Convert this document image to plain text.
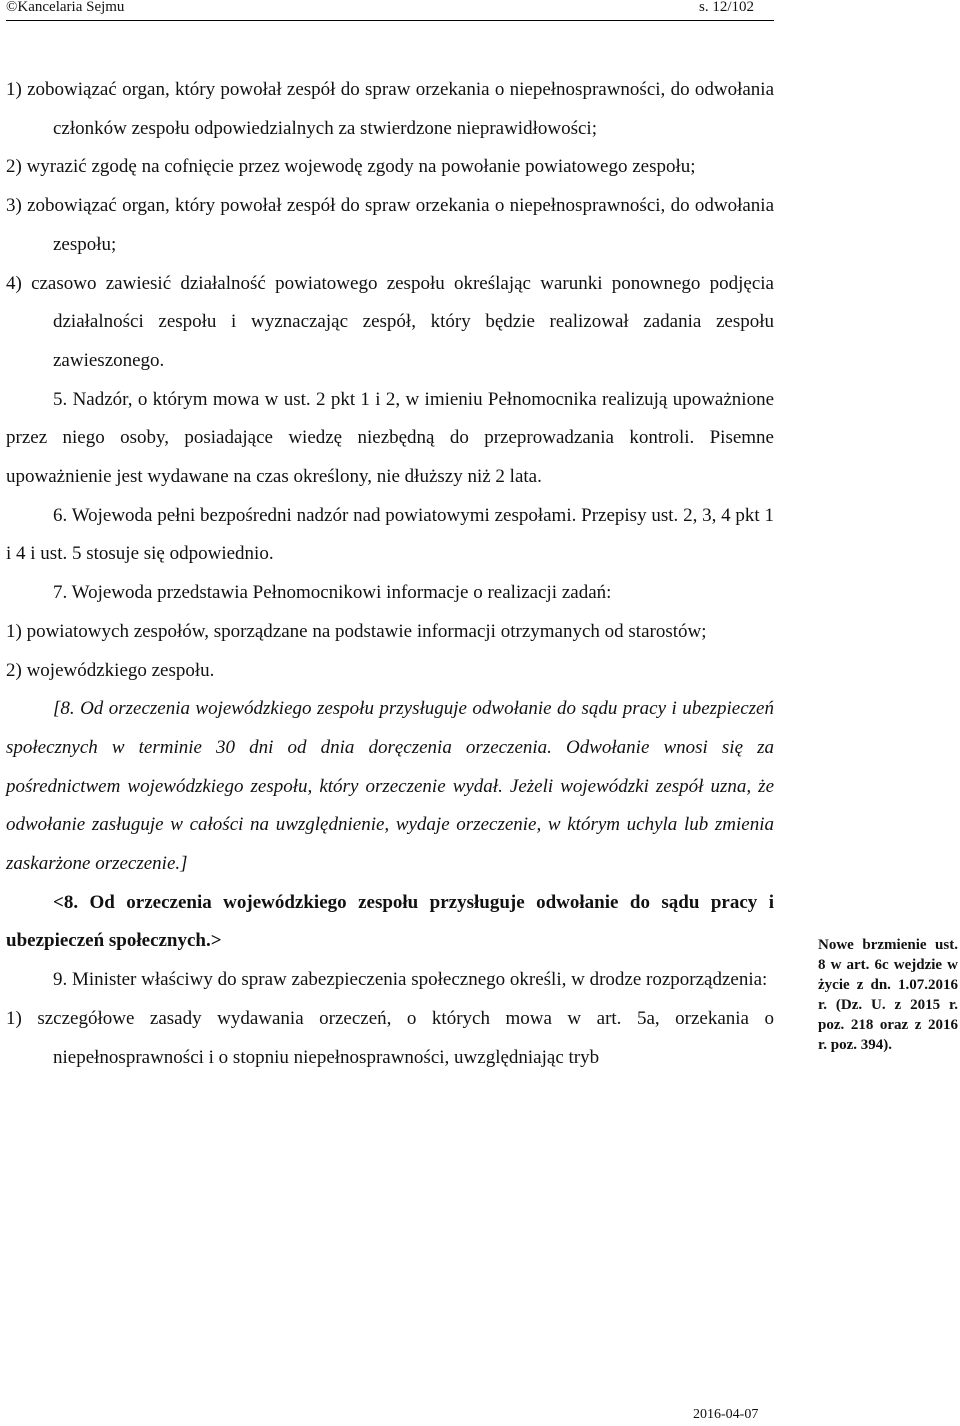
©Kancelaria Sejmu	s. 12/102

1) zobowiązać organ, który powołał zespół do spraw orzekania o niepełnosprawności, do odwołania członków zespołu odpowiedzialnych za stwierdzone nieprawidłowości;

2) wyrazić zgodę na cofnięcie przez wojewodę zgody na powołanie powiatowego zespołu;

3) zobowiązać organ, który powołał zespół do spraw orzekania o niepełnosprawności, do odwołania zespołu;

4) czasowo zawiesić działalność powiatowego zespołu określając warunki ponownego podjęcia działalności zespołu i wyznaczając zespół, który będzie realizował zadania zespołu zawieszonego.

5. Nadzór, o którym mowa w ust. 2 pkt 1 i 2, w imieniu Pełnomocnika realizują upoważnione przez niego osoby, posiadające wiedzę niezbędną do przeprowadzania kontroli. Pisemne upoważnienie jest wydawane na czas określony, nie dłuższy niż 2 lata.

6. Wojewoda pełni bezpośredni nadzór nad powiatowymi zespołami. Przepisy ust. 2, 3, 4 pkt 1 i 4 i ust. 5 stosuje się odpowiednio.

7. Wojewoda przedstawia Pełnomocnikowi informacje o realizacji zadań:

1) powiatowych zespołów, sporządzane na podstawie informacji otrzymanych od starostów;

2) wojewódzkiego zespołu.

[8. Od orzeczenia wojewódzkiego zespołu przysługuje odwołanie do sądu pracy i ubezpieczeń społecznych w terminie 30 dni od dnia doręczenia orzeczenia. Odwołanie wnosi się za pośrednictwem wojewódzkiego zespołu, który orzeczenie wydał. Jeżeli wojewódzki zespół uzna, że odwołanie zasługuje w całości na uwzględnienie, wydaje orzeczenie, w którym uchyla lub zmienia zaskarżone orzeczenie.]

<8. Od orzeczenia wojewódzkiego zespołu przysługuje odwołanie do sądu pracy i ubezpieczeń społecznych.>

9. Minister właściwy do spraw zabezpieczenia społecznego określi, w drodze rozporządzenia:

1) szczegółowe zasady wydawania orzeczeń, o których mowa w art. 5a, orzekania o niepełnosprawności i o stopniu niepełnosprawności, uwzględniając tryb

Nowe brzmienie ust. 8 w art. 6c wejdzie w życie z dn. 1.07.2016 r. (Dz. U. z 2015 r. poz. 218 oraz z 2016 r. poz. 394).
2016-04-07
